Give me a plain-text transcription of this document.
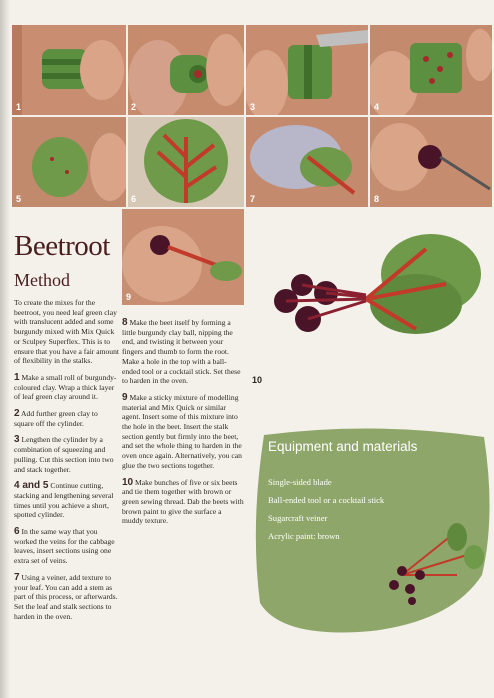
1	2	3	4
5	6	7	8
9
10
Beetroot
Method

To create the mixes for the beetroot, you need leaf green clay with translucent added and some burgundy mixed with Mix Quick or Sculpey Superflex. This is to ensure that you have a fair amount of flexibility in the stalks.

1 Make a small roll of burgundy-coloured clay. Wrap a thick layer of leaf green clay around it.

2 Add further green clay to square off the cylinder.

3 Lengthen the cylinder by a combination of squeezing and pulling. Cut this section into two and stack together.

4 and 5 Continue cutting, stacking and lengthening several times until you achieve a short, spotted cylinder.

6 In the same way that you worked the veins for the cabbage leaves, insert sections using one extra set of veins.

7 Using a veiner, add texture to your leaf. You can add a stem as part of this process, or afterwards. Set the leaf and stalk sections to harden in the oven.

8 Make the beet itself by forming a little burgundy clay ball, nipping the end, and twisting it between your fingers and thumb to form the root. Make a hole in the top with a ball-ended tool or a cocktail stick. Set these to harden in the oven.

9 Make a sticky mixture of modelling material and Mix Quick or similar agent. Insert some of this mixture into the hole in the beet. Insert the stalk section gently but firmly into the beet, and set the whole thing to harden in the oven once again. Alternatively, you can glue the two sections together.

10 Make bunches of five or six beets and tie them together with brown or green sewing thread. Dab the beets with brown paint to give the surface a muddy texture.

Equipment and materials
Single-sided blade
Ball-ended tool or a cocktail stick
Sugarcraft veiner
Acrylic paint: brown
